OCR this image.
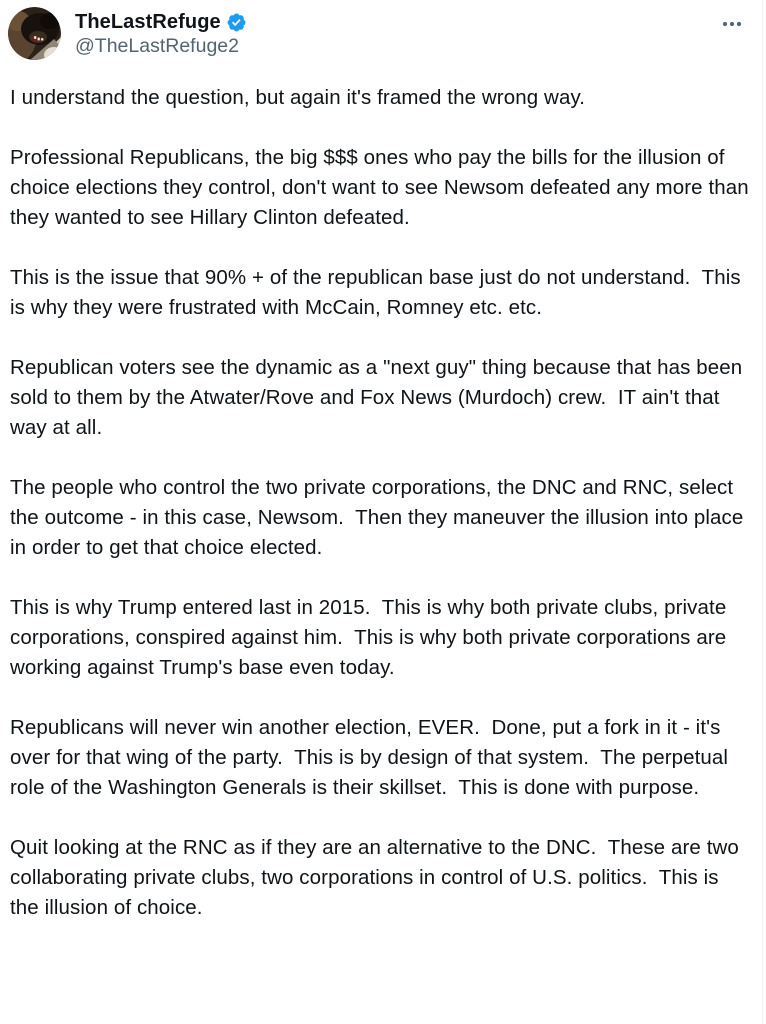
TheLastRefuge
@TheLastRefuge2

I understand the question, but again it's framed the wrong way.

Professional Republicans, the big $$$ ones who pay the bills for the illusion of choice elections they control, don't want to see Newsom defeated any more than they wanted to see Hillary Clinton defeated.

This is the issue that 90% + of the republican base just do not understand.  This is why they were frustrated with McCain, Romney etc. etc.

Republican voters see the dynamic as a "next guy" thing because that has been sold to them by the Atwater/Rove and Fox News (Murdoch) crew.  IT ain't that way at all.

The people who control the two private corporations, the DNC and RNC, select the outcome - in this case, Newsom.  Then they maneuver the illusion into place in order to get that choice elected.

This is why Trump entered last in 2015.  This is why both private clubs, private corporations, conspired against him.  This is why both private corporations are working against Trump's base even today.

Republicans will never win another election, EVER.  Done, put a fork in it - it's over for that wing of the party.  This is by design of that system.  The perpetual role of the Washington Generals is their skillset.  This is done with purpose.

Quit looking at the RNC as if they are an alternative to the DNC.  These are two collaborating private clubs, two corporations in control of U.S. politics.  This is the illusion of choice.
